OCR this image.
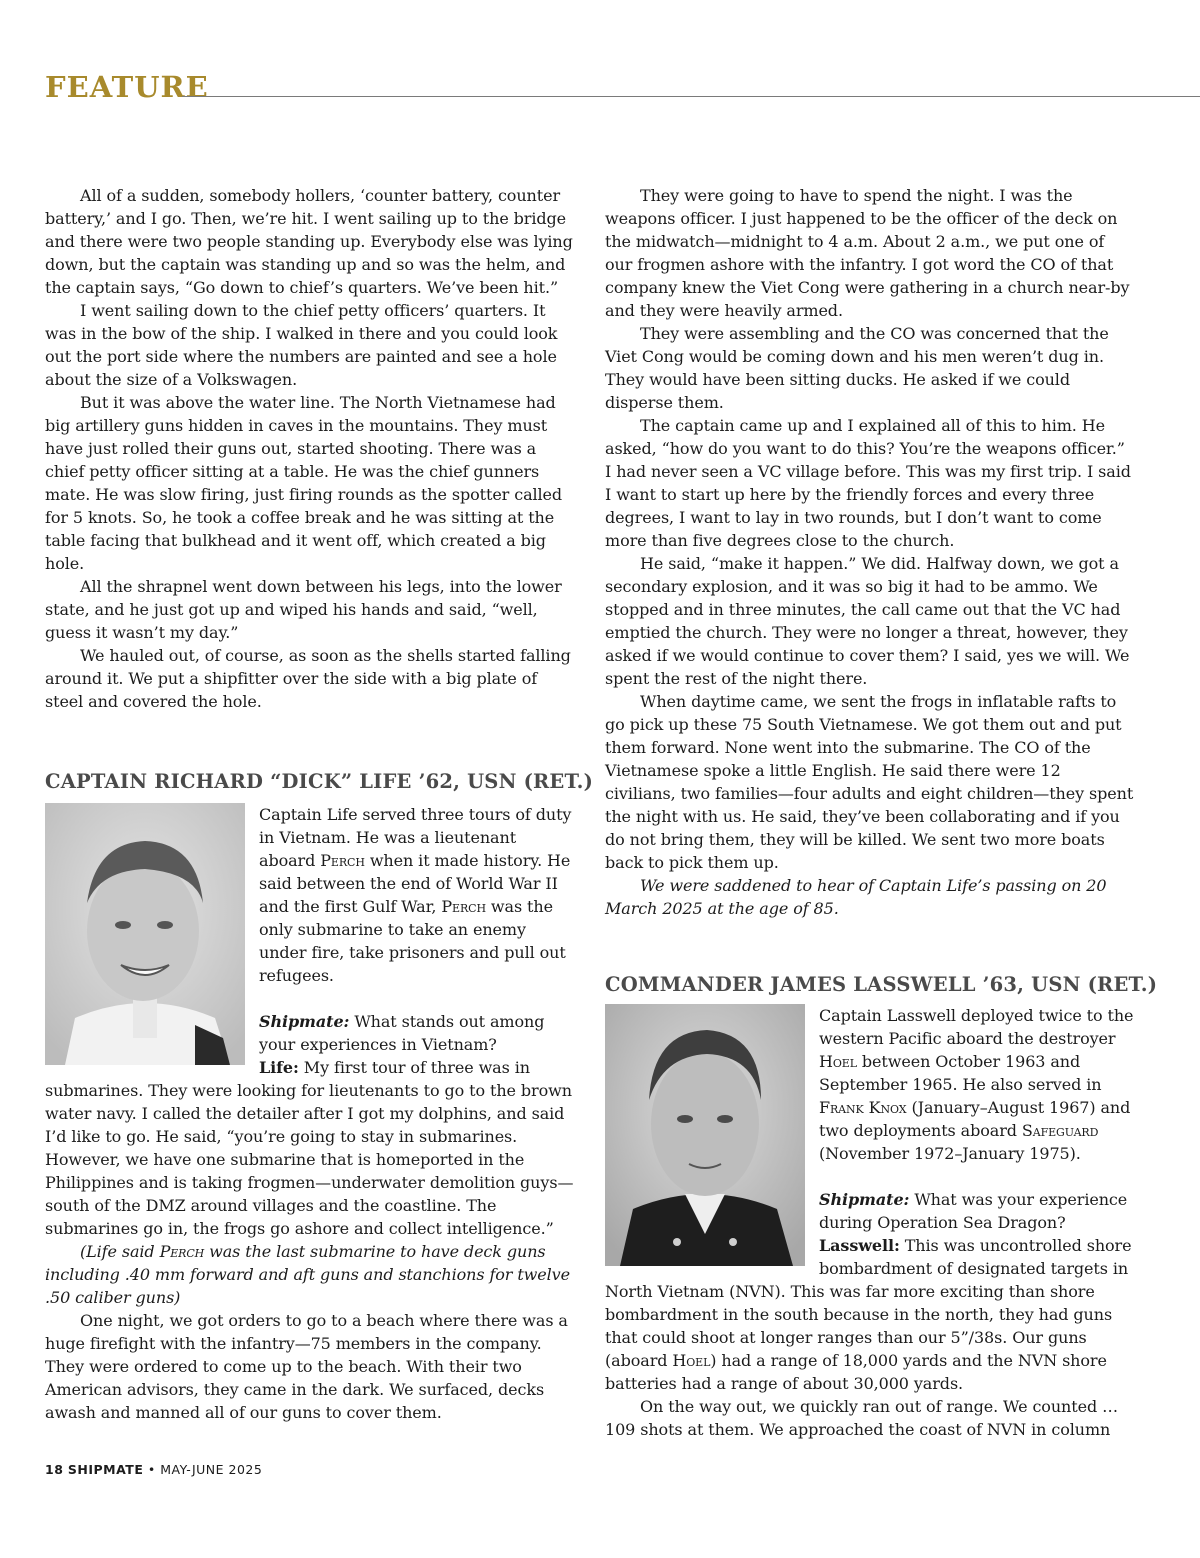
FEATURE

All of a sudden, somebody hollers, ‘counter battery, counter battery,’ and I go. Then, we’re hit. I went sailing up to the bridge and there were two people standing up. Everybody else was lying down, but the captain was standing up and so was the helm, and the captain says, “Go down to chief’s quarters. We’ve been hit.”

I went sailing down to the chief petty officers’ quarters. It was in the bow of the ship. I walked in there and you could look out the port side where the numbers are painted and see a hole about the size of a Volkswagen.

But it was above the water line. The North Vietnamese had big artillery guns hidden in caves in the mountains. They must have just rolled their guns out, started shooting. There was a chief petty officer sitting at a table. He was the chief gunners mate. He was slow firing, just firing rounds as the spotter called for 5 knots. So, he took a coffee break and he was sitting at the table facing that bulkhead and it went off, which created a big hole.

All the shrapnel went down between his legs, into the lower state, and he just got up and wiped his hands and said, “well, guess it wasn’t my day.”

We hauled out, of course, as soon as the shells started falling around it. We put a shipfitter over the side with a big plate of steel and covered the hole.

CAPTAIN RICHARD “DICK” LIFE ’62, USN (RET.)

Captain Life served three tours of duty in Vietnam. He was a lieutenant aboard Perch when it made history. He said between the end of World War II and the first Gulf War, Perch was the only submarine to take an enemy under fire, take prisoners and pull out refugees.

Shipmate: What stands out among your experiences in Vietnam?

Life: My first tour of three was in submarines. They were looking for lieutenants to go to the brown water navy. I called the detailer after I got my dolphins, and said I’d like to go. He said, “you’re going to stay in submarines. However, we have one submarine that is homeported in the Philippines and is taking frogmen—underwater demolition guys—south of the DMZ around villages and the coastline. The submarines go in, the frogs go ashore and collect intelligence.”

(Life said Perch was the last submarine to have deck guns including .40 mm forward and aft guns and stanchions for twelve .50 caliber guns)

One night, we got orders to go to a beach where there was a huge firefight with the infantry—75 members in the company. They were ordered to come up to the beach. With their two American advisors, they came in the dark. We surfaced, decks awash and manned all of our guns to cover them.

They were going to have to spend the night. I was the weapons officer. I just happened to be the officer of the deck on the midwatch—midnight to 4 a.m. About 2 a.m., we put one of our frogmen ashore with the infantry. I got word the CO of that company knew the Viet Cong were gathering in a church near-by and they were heavily armed.

They were assembling and the CO was concerned that the Viet Cong would be coming down and his men weren’t dug in. They would have been sitting ducks. He asked if we could disperse them.

The captain came up and I explained all of this to him. He asked, “how do you want to do this? You’re the weapons officer.” I had never seen a VC village before. This was my first trip. I said I want to start up here by the friendly forces and every three degrees, I want to lay in two rounds, but I don’t want to come more than five degrees close to the church.

He said, “make it happen.” We did. Halfway down, we got a secondary explosion, and it was so big it had to be ammo. We stopped and in three minutes, the call came out that the VC had emptied the church. They were no longer a threat, however, they asked if we would continue to cover them? I said, yes we will. We spent the rest of the night there.

When daytime came, we sent the frogs in inflatable rafts to go pick up these 75 South Vietnamese. We got them out and put them forward. None went into the submarine. The CO of the Vietnamese spoke a little English. He said there were 12 civilians, two families—four adults and eight children—they spent the night with us. He said, they’ve been collaborating and if you do not bring them, they will be killed. We sent two more boats back to pick them up.

We were saddened to hear of Captain Life’s passing on 20 March 2025 at the age of 85.

COMMANDER JAMES LASSWELL ’63, USN (RET.)

Captain Lasswell deployed twice to the western Pacific aboard the destroyer Hoel between October 1963 and September 1965. He also served in Frank Knox (January–August 1967) and two deployments aboard Safeguard (November 1972–January 1975).

Shipmate: What was your experience during Operation Sea Dragon?

Lasswell: This was uncontrolled shore bombardment of designated targets in North Vietnam (NVN). This was far more exciting than shore bombardment in the south because in the north, they had guns that could shoot at longer ranges than our 5”/38s. Our guns (aboard Hoel) had a range of 18,000 yards and the NVN shore batteries had a range of about 30,000 yards.

On the way out, we quickly ran out of range. We counted … 109 shots at them. We approached the coast of NVN in column

18 SHIPMATE • MAY-JUNE 2025
